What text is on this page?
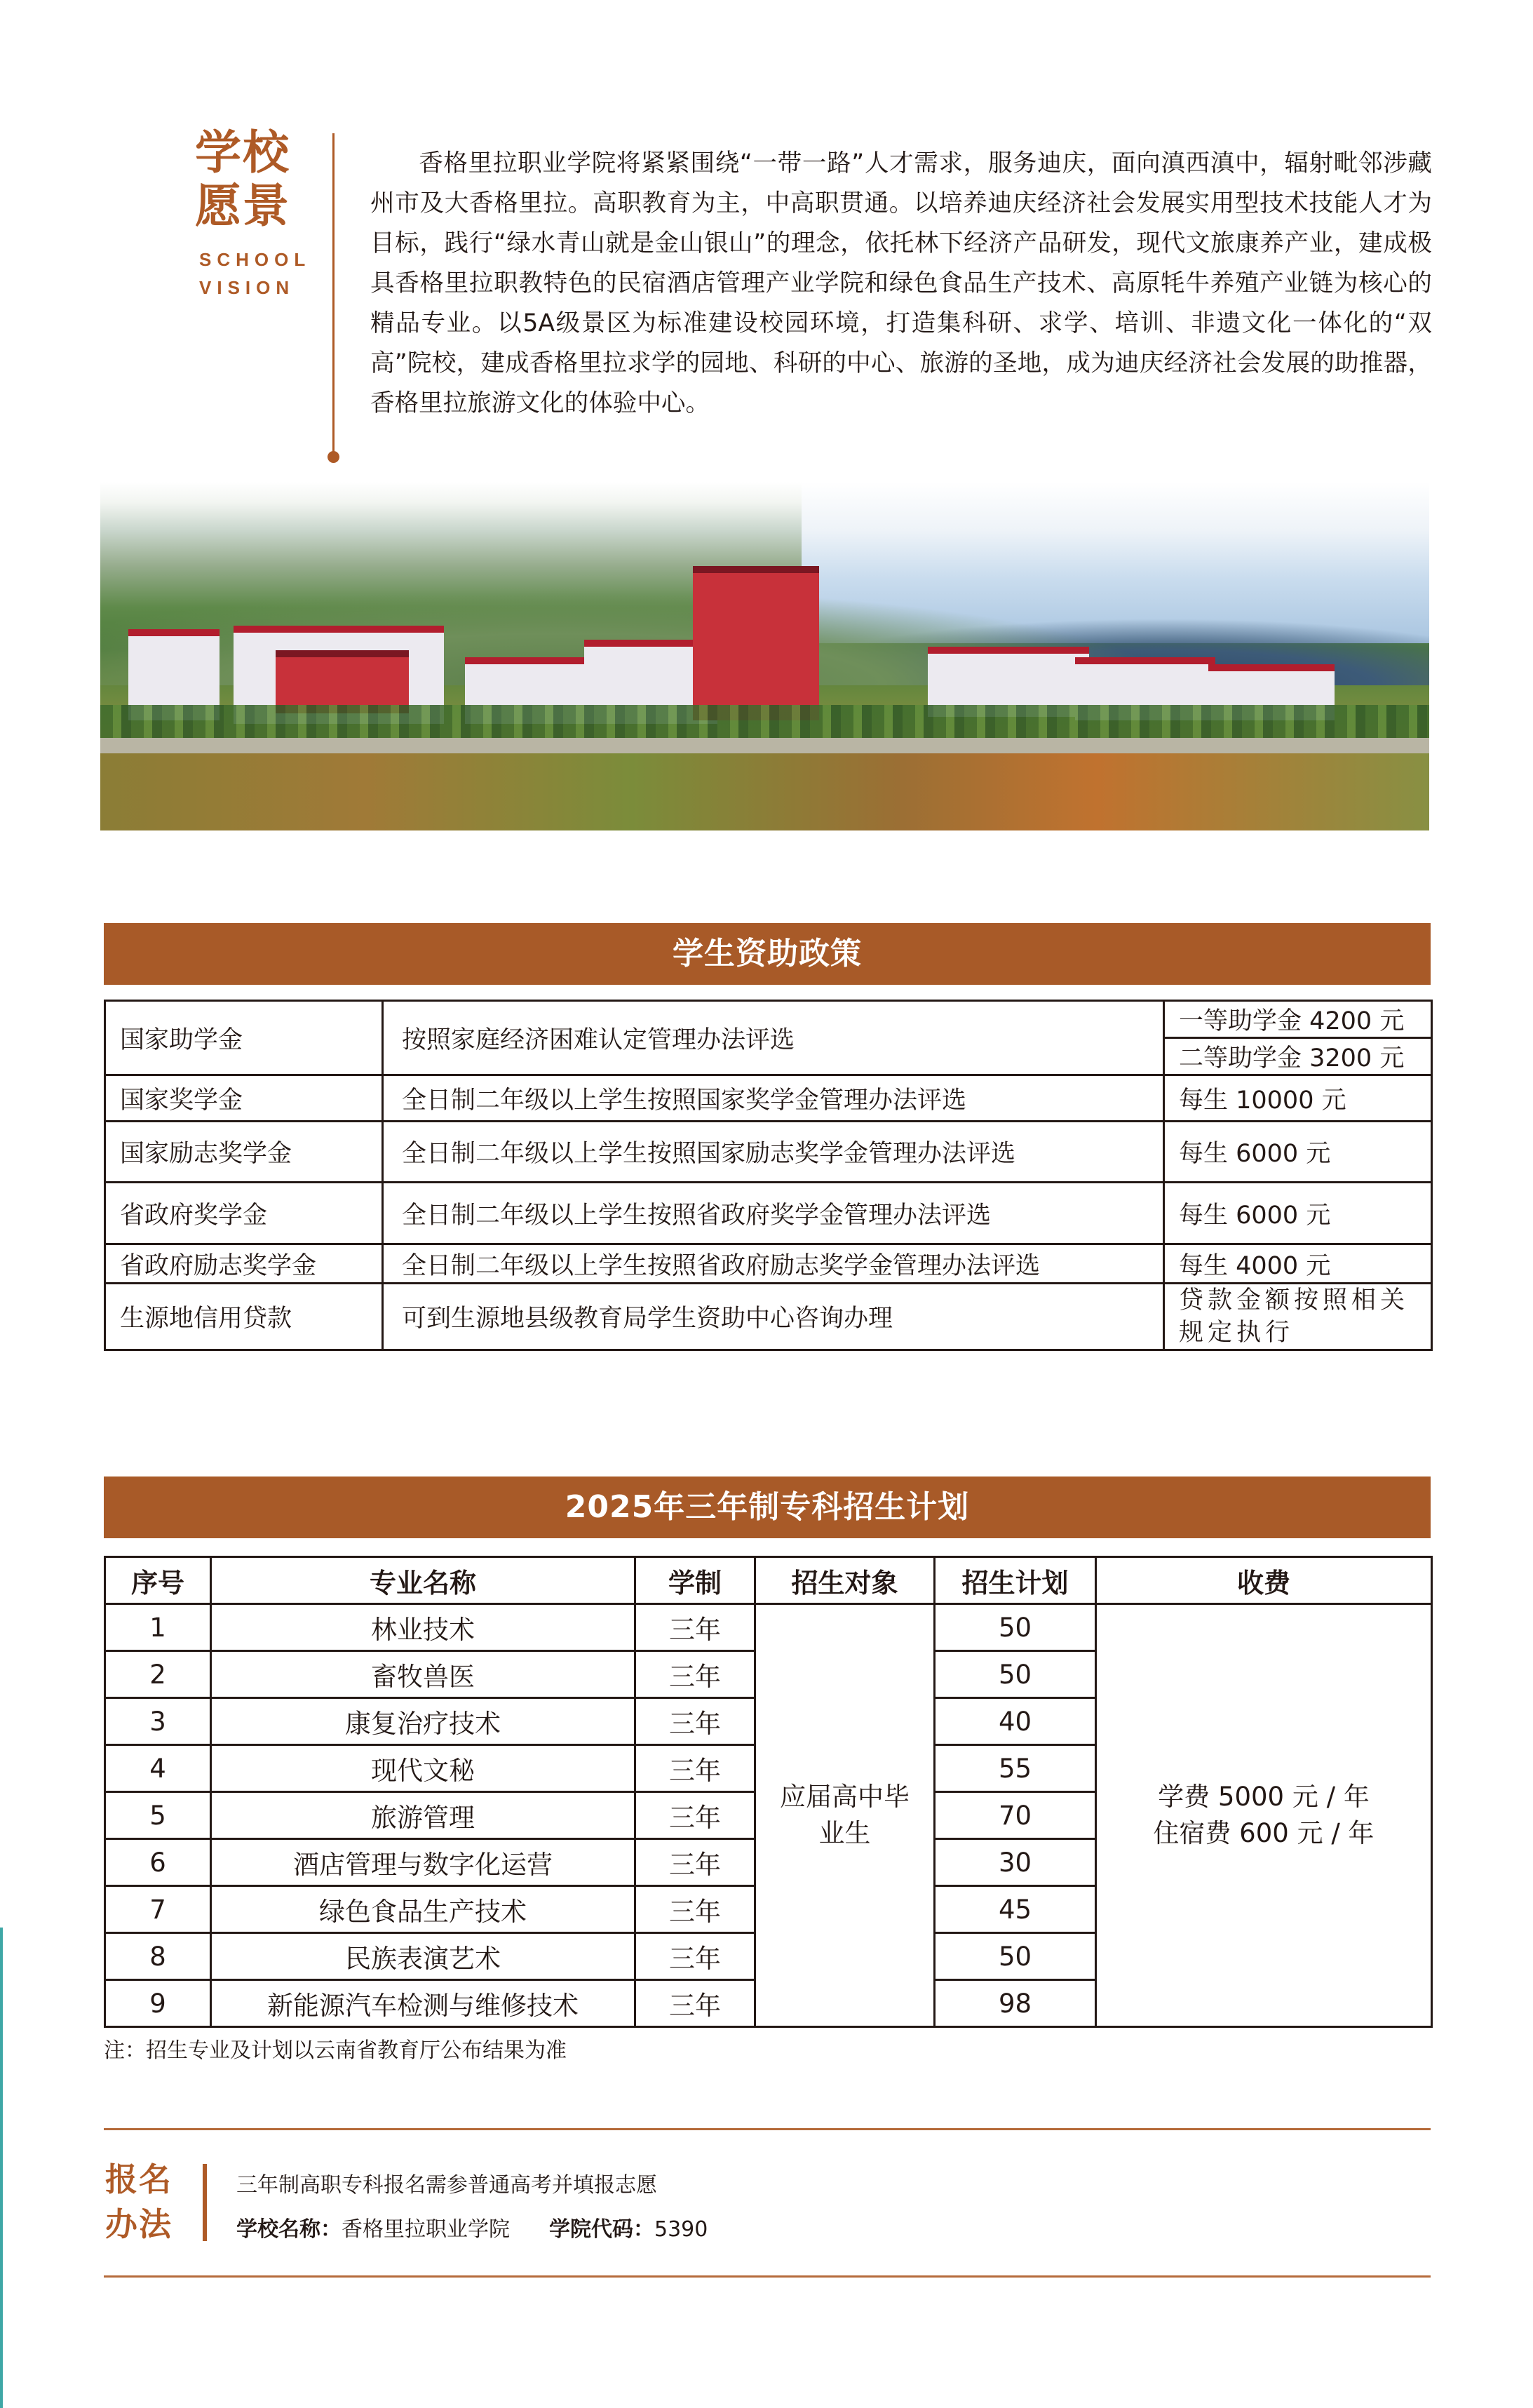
学校
愿景
SCHOOL
VISION

香格里拉职业学院将紧紧围绕“一带一路”人才需求，服务迪庆，面向滇西滇中，辐射毗邻涉藏州市及大香格里拉。高职教育为主，中高职贯通。以培养迪庆经济社会发展实用型技术技能人才为目标，践行“绿水青山就是金山银山”的理念，依托林下经济产品研发，现代文旅康养产业，建成极具香格里拉职教特色的民宿酒店管理产业学院和绿色食品生产技术、高原牦牛养殖产业链为核心的精品专业。以5A级景区为标准建设校园环境，打造集科研、求学、培训、非遗文化一体化的“双高”院校，建成香格里拉求学的园地、科研的中心、旅游的圣地，成为迪庆经济社会发展的助推器，香格里拉旅游文化的体验中心。

学生资助政策
国家助学金	按照家庭经济困难认定管理办法评选	一等助学金 4200 元
		二等助学金 3200 元
国家奖学金	全日制二年级以上学生按照国家奖学金管理办法评选	每生 10000 元
国家励志奖学金	全日制二年级以上学生按照国家励志奖学金管理办法评选	每生 6000 元
省政府奖学金	全日制二年级以上学生按照省政府奖学金管理办法评选	每生 6000 元
省政府励志奖学金	全日制二年级以上学生按照省政府励志奖学金管理办法评选	每生 4000 元
生源地信用贷款	可到生源地县级教育局学生资助中心咨询办理	贷款金额按照相关规定执行
2025年三年制专科招生计划
序号	专业名称	学制	招生对象	招生计划	收费
1	林业技术	三年	应届高中毕业生	50	学费 5000 元 / 年
住宿费 600 元 / 年

2	畜牧兽医	三年		50	
3	康复治疗技术	三年		40	
4	现代文秘	三年		55	
5	旅游管理	三年		70	
6	酒店管理与数字化运营	三年		30	
7	绿色食品生产技术	三年		45	
8	民族表演艺术	三年		50	
9	新能源汽车检测与维修技术	三年		98	
注：招生专业及计划以云南省教育厅公布结果为准
报名
办法
三年制高职专科报名需参普通高考并填报志愿
学校名称：香格里拉职业学院 学院代码：5390
